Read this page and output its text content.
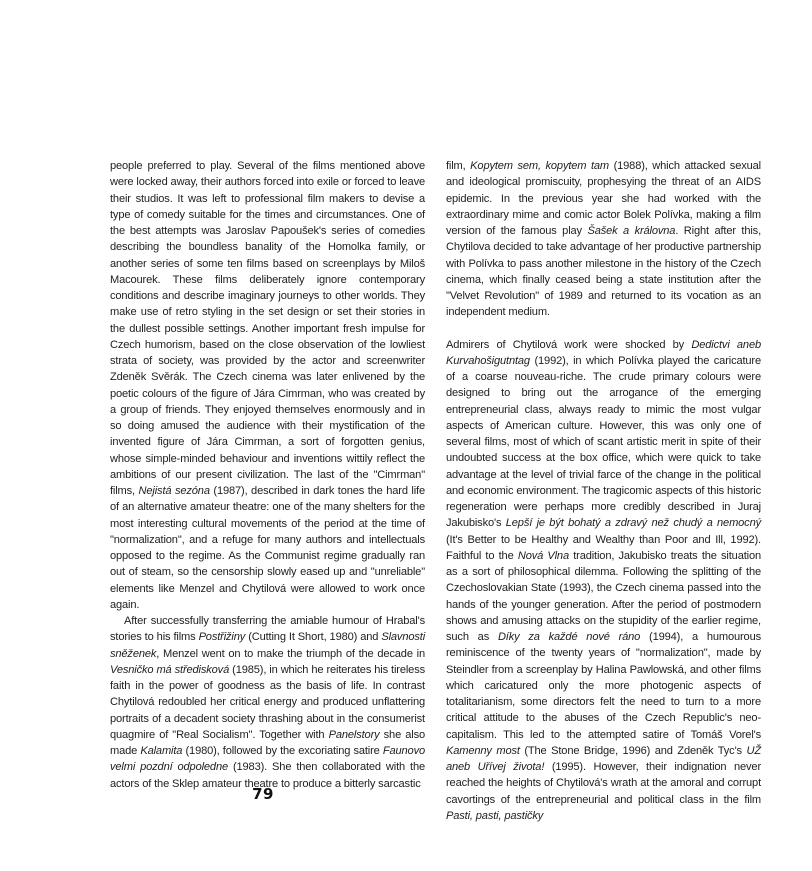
people preferred to play. Several of the films mentioned above were locked away, their authors forced into exile or forced to leave their studios. It was left to professional film makers to devise a type of comedy suitable for the times and circumstances. One of the best attempts was Jaroslav Papoušek's series of comedies describing the boundless banality of the Homolka family, or another series of some ten films based on screenplays by Miloš Macourek. These films deliberately ignore contemporary conditions and describe imaginary journeys to other worlds. They make use of retro styling in the set design or set their stories in the dullest possible settings. Another important fresh impulse for Czech humorism, based on the close observation of the lowliest strata of society, was provided by the actor and screenwriter Zdeněk Svěrák. The Czech cinema was later enlivened by the poetic colours of the figure of Jára Cimrman, who was created by a group of friends. They enjoyed themselves enormously and in so doing amused the audience with their mystification of the invented figure of Jára Cimrman, a sort of forgotten genius, whose simple-minded behaviour and inventions wittily reflect the ambitions of our present civilization. The last of the "Cimrman" films, Nejistá sezóna (1987), described in dark tones the hard life of an alternative amateur theatre: one of the many shelters for the most interesting cultural movements of the period at the time of "normalization", and a refuge for many authors and intellectuals opposed to the regime. As the Communist regime gradually ran out of steam, so the censorship slowly eased up and "unreliable" elements like Menzel and Chytilová were allowed to work once again.

After successfully transferring the amiable humour of Hrabal's stories to his films Postřižiny (Cutting It Short, 1980) and Slavnosti sněženek, Menzel went on to make the triumph of the decade in Vesničko má středisková (1985), in which he reiterates his tireless faith in the power of goodness as the basis of life. In contrast Chytilová redoubled her critical energy and produced unflattering portraits of a decadent society thrashing about in the consumerist quagmire of "Real Socialism". Together with Panelstory she also made Kalamita (1980), followed by the excoriating satire Faunovo velmi pozdní odpoledne (1983). She then collaborated with the actors of the Sklep amateur theatre to produce a bitterly sarcastic

film, Kopytem sem, kopytem tam (1988), which attacked sexual and ideological promiscuity, prophesying the threat of an AIDS epidemic. In the previous year she had worked with the extraordinary mime and comic actor Bolek Polívka, making a film version of the famous play Šašek a královna. Right after this, Chytilova decided to take advantage of her productive partnership with Polívka to pass another milestone in the history of the Czech cinema, which finally ceased being a state institution after the "Velvet Revolution" of 1989 and returned to its vocation as an independent medium.

Admirers of Chytilová work were shocked by Dedictvi aneb Kurvahošigutntag (1992), in which Polívka played the caricature of a coarse nouveau-riche. The crude primary colours were designed to bring out the arrogance of the emerging entrepreneurial class, always ready to mimic the most vulgar aspects of American culture. However, this was only one of several films, most of which of scant artistic merit in spite of their undoubted success at the box office, which were quick to take advantage at the level of trivial farce of the change in the political and economic environment. The tragicomic aspects of this historic regeneration were perhaps more credibly described in Juraj Jakubisko's Lepší je být bohatý a zdravý než chudý a nemocný (It's Better to be Healthy and Wealthy than Poor and Ill, 1992). Faithful to the Nová Vlna tradition, Jakubisko treats the situation as a sort of philosophical dilemma. Following the splitting of the Czechoslovakian State (1993), the Czech cinema passed into the hands of the younger generation. After the period of postmodern shows and amusing attacks on the stupidity of the earlier regime, such as Díky za každé nové ráno (1994), a humourous reminiscence of the twenty years of "normalization", made by Steindler from a screenplay by Halina Pawlowská, and other films which caricatured only the more photogenic aspects of totalitarianism, some directors felt the need to turn to a more critical attitude to the abuses of the Czech Republic's neo-capitalism. This led to the attempted satire of Tomáš Vorel's Kamenny most (The Stone Bridge, 1996) and Zdeněk Tyc's UŽ aneb Uřívej života! (1995). However, their indignation never reached the heights of Chytilová's wrath at the amoral and corrupt cavortings of the entrepreneurial and political class in the film Pasti, pasti, pastičky

79
